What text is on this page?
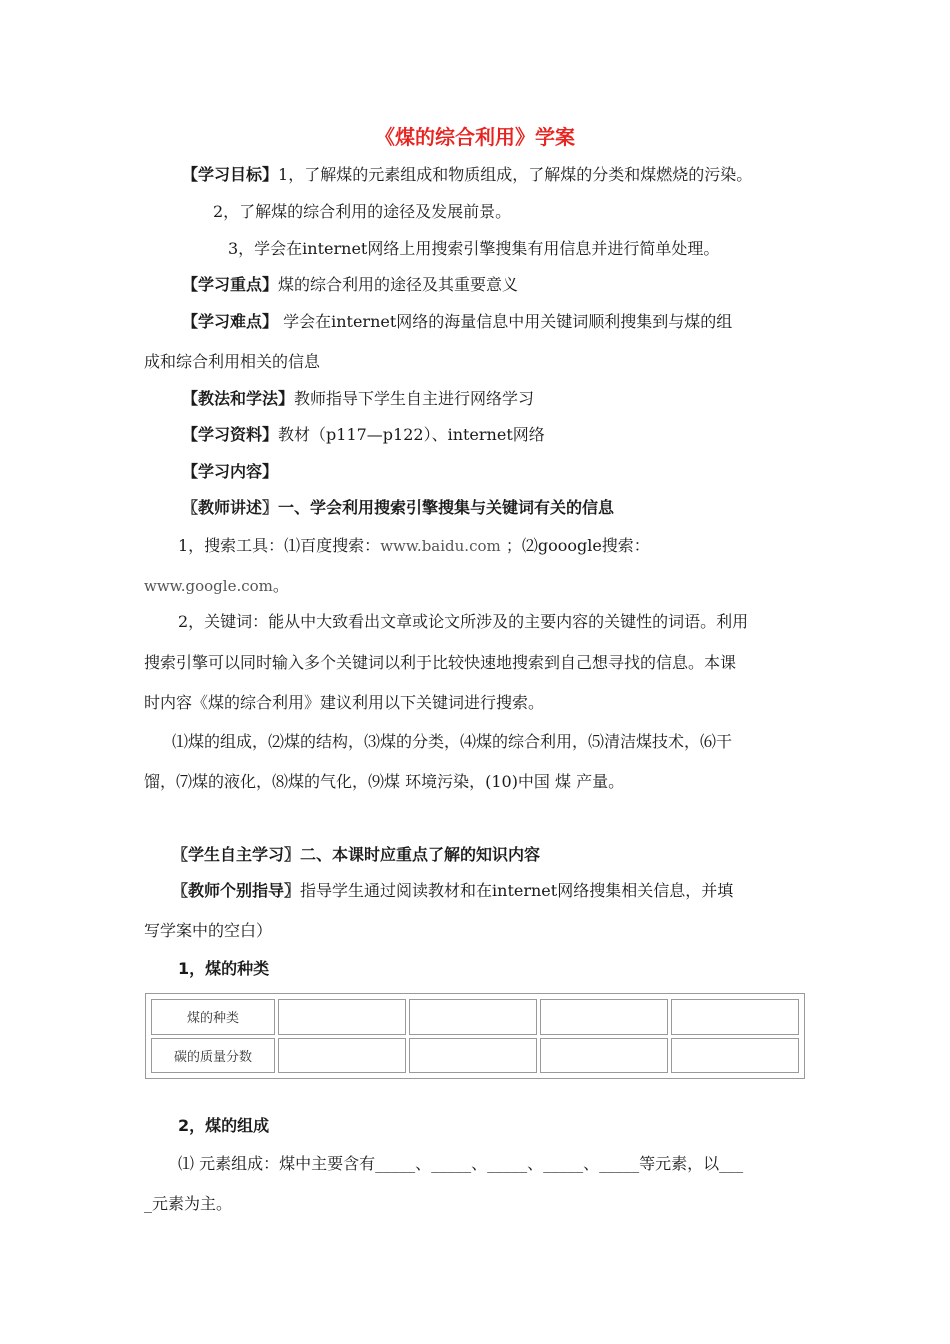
《煤的综合利用》学案
【学习目标】1，了解煤的元素组成和物质组成，了解煤的分类和煤燃烧的污染。
2，了解煤的综合利用的途径及发展前景。
3，学会在internet网络上用搜索引擎搜集有用信息并进行简单处理。
【学习重点】煤的综合利用的途径及其重要意义
【学习难点】 学会在internet网络的海量信息中用关键词顺利搜集到与煤的组
成和综合利用相关的信息
【教法和学法】教师指导下学生自主进行网络学习
【学习资料】教材（p117—p122）、internet网络
【学习内容】
〖教师讲述〗一、学会利用搜索引擎搜集与关键词有关的信息
1，搜索工具：⑴百度搜索：www.baidu.com ；⑵gooogle搜索：
www.google.com。
2，关键词：能从中大致看出文章或论文所涉及的主要内容的关键性的词语。利用
搜索引擎可以同时输入多个关键词以利于比较快速地搜索到自己想寻找的信息。本课
时内容《煤的综合利用》建议利用以下关键词进行搜索。
⑴煤的组成，⑵煤的结构，⑶煤的分类，⑷煤的综合利用，⑸清洁煤技术，⑹干
馏，⑺煤的液化，⑻煤的气化，⑼煤 环境污染，(10)中国 煤 产量。
〖学生自主学习〗二、本课时应重点了解的知识内容
〖教师个别指导〗指导学生通过阅读教材和在internet网络搜集相关信息，并填
写学案中的空白）
1，煤的种类
煤的种类				
碳的质量分数				
2，煤的组成
⑴ 元素组成：煤中主要含有_____、_____、_____、_____、_____等元素，以___
_元素为主。
